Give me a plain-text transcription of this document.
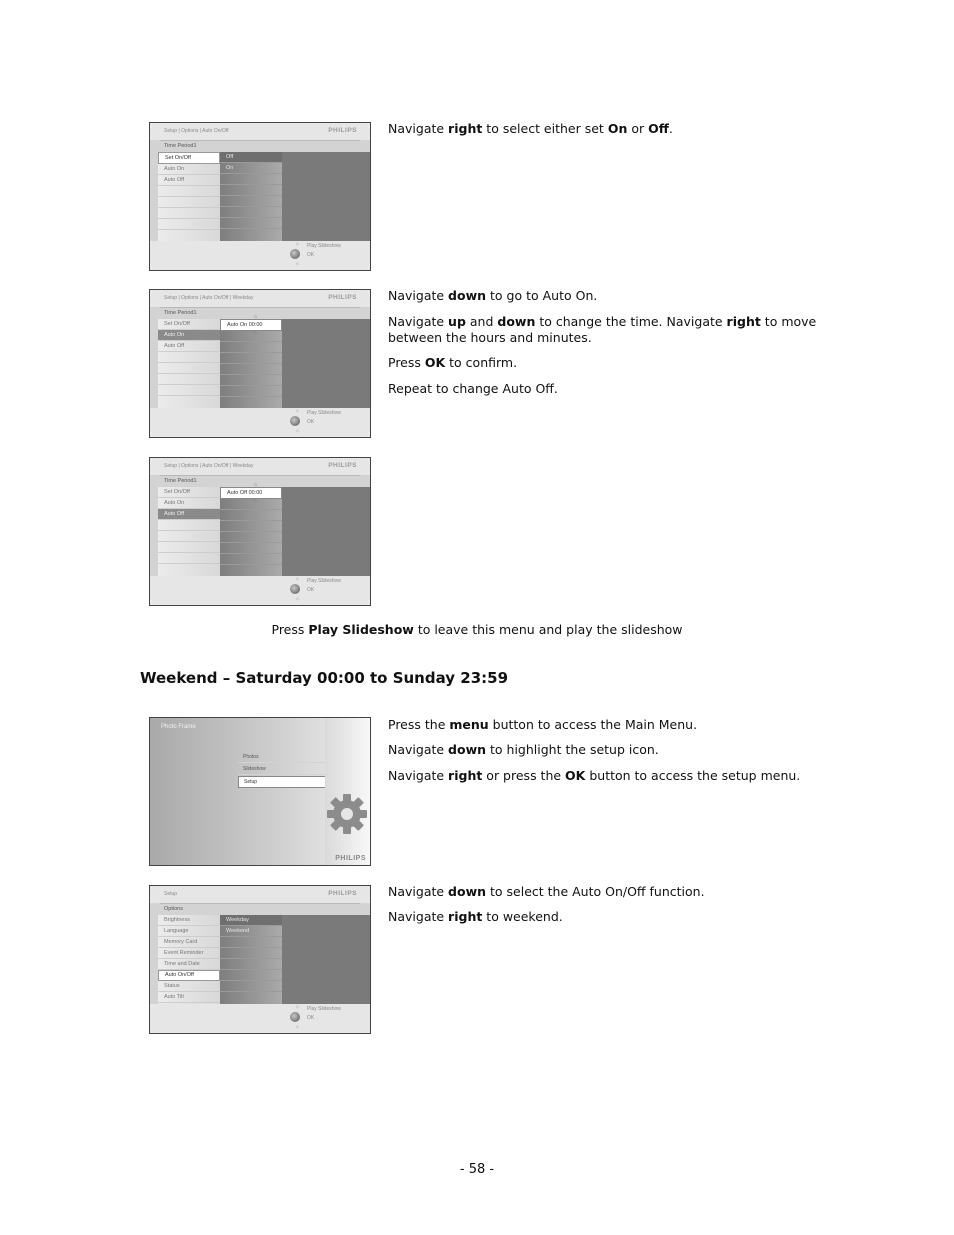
Setup | Options | Auto On/Off	PHILIPS
Time Period1
Set On/Off
Auto On
Auto Off
Off
On
◇
◇
Play Slideshow
OK

Navigate right to select either set On or Off.

Setup | Options | Auto On/Off | Weekday	PHILIPS
Time Period1
Set On/Off
Auto On
Auto Off
Auto On 00:00
◇
◇
◇
◇
Play Slideshow
OK

Navigate down to go to Auto On.

Navigate up and down to change the time. Navigate right to move
between the hours and minutes.

Press OK to confirm.

Repeat to change Auto Off.

Setup | Options | Auto On/Off | Weekday	PHILIPS
Time Period1
Set On/Off
Auto On
Auto Off
Auto Off 00:00
◇
◇
◇
◇
Play Slideshow
OK

Press Play Slideshow to leave this menu and play the slideshow

Weekend – Saturday 00:00 to Sunday 23:59
Photo Frame
Photos
Slideshow
Setup
PHILIPS

Press the menu button to access the Main Menu.

Navigate down to highlight the setup icon.

Navigate right or press the OK button to access the setup menu.

Setup	PHILIPS
Options
Brightness
Language
Memory Card
Event Reminder
Time and Date
Auto On/Off
Status
Auto Tilt
Weekday
Weekend
◇
◇
Play Slideshow
OK

Navigate down to select the Auto On/Off function.

Navigate right to weekend.

- 58 -
